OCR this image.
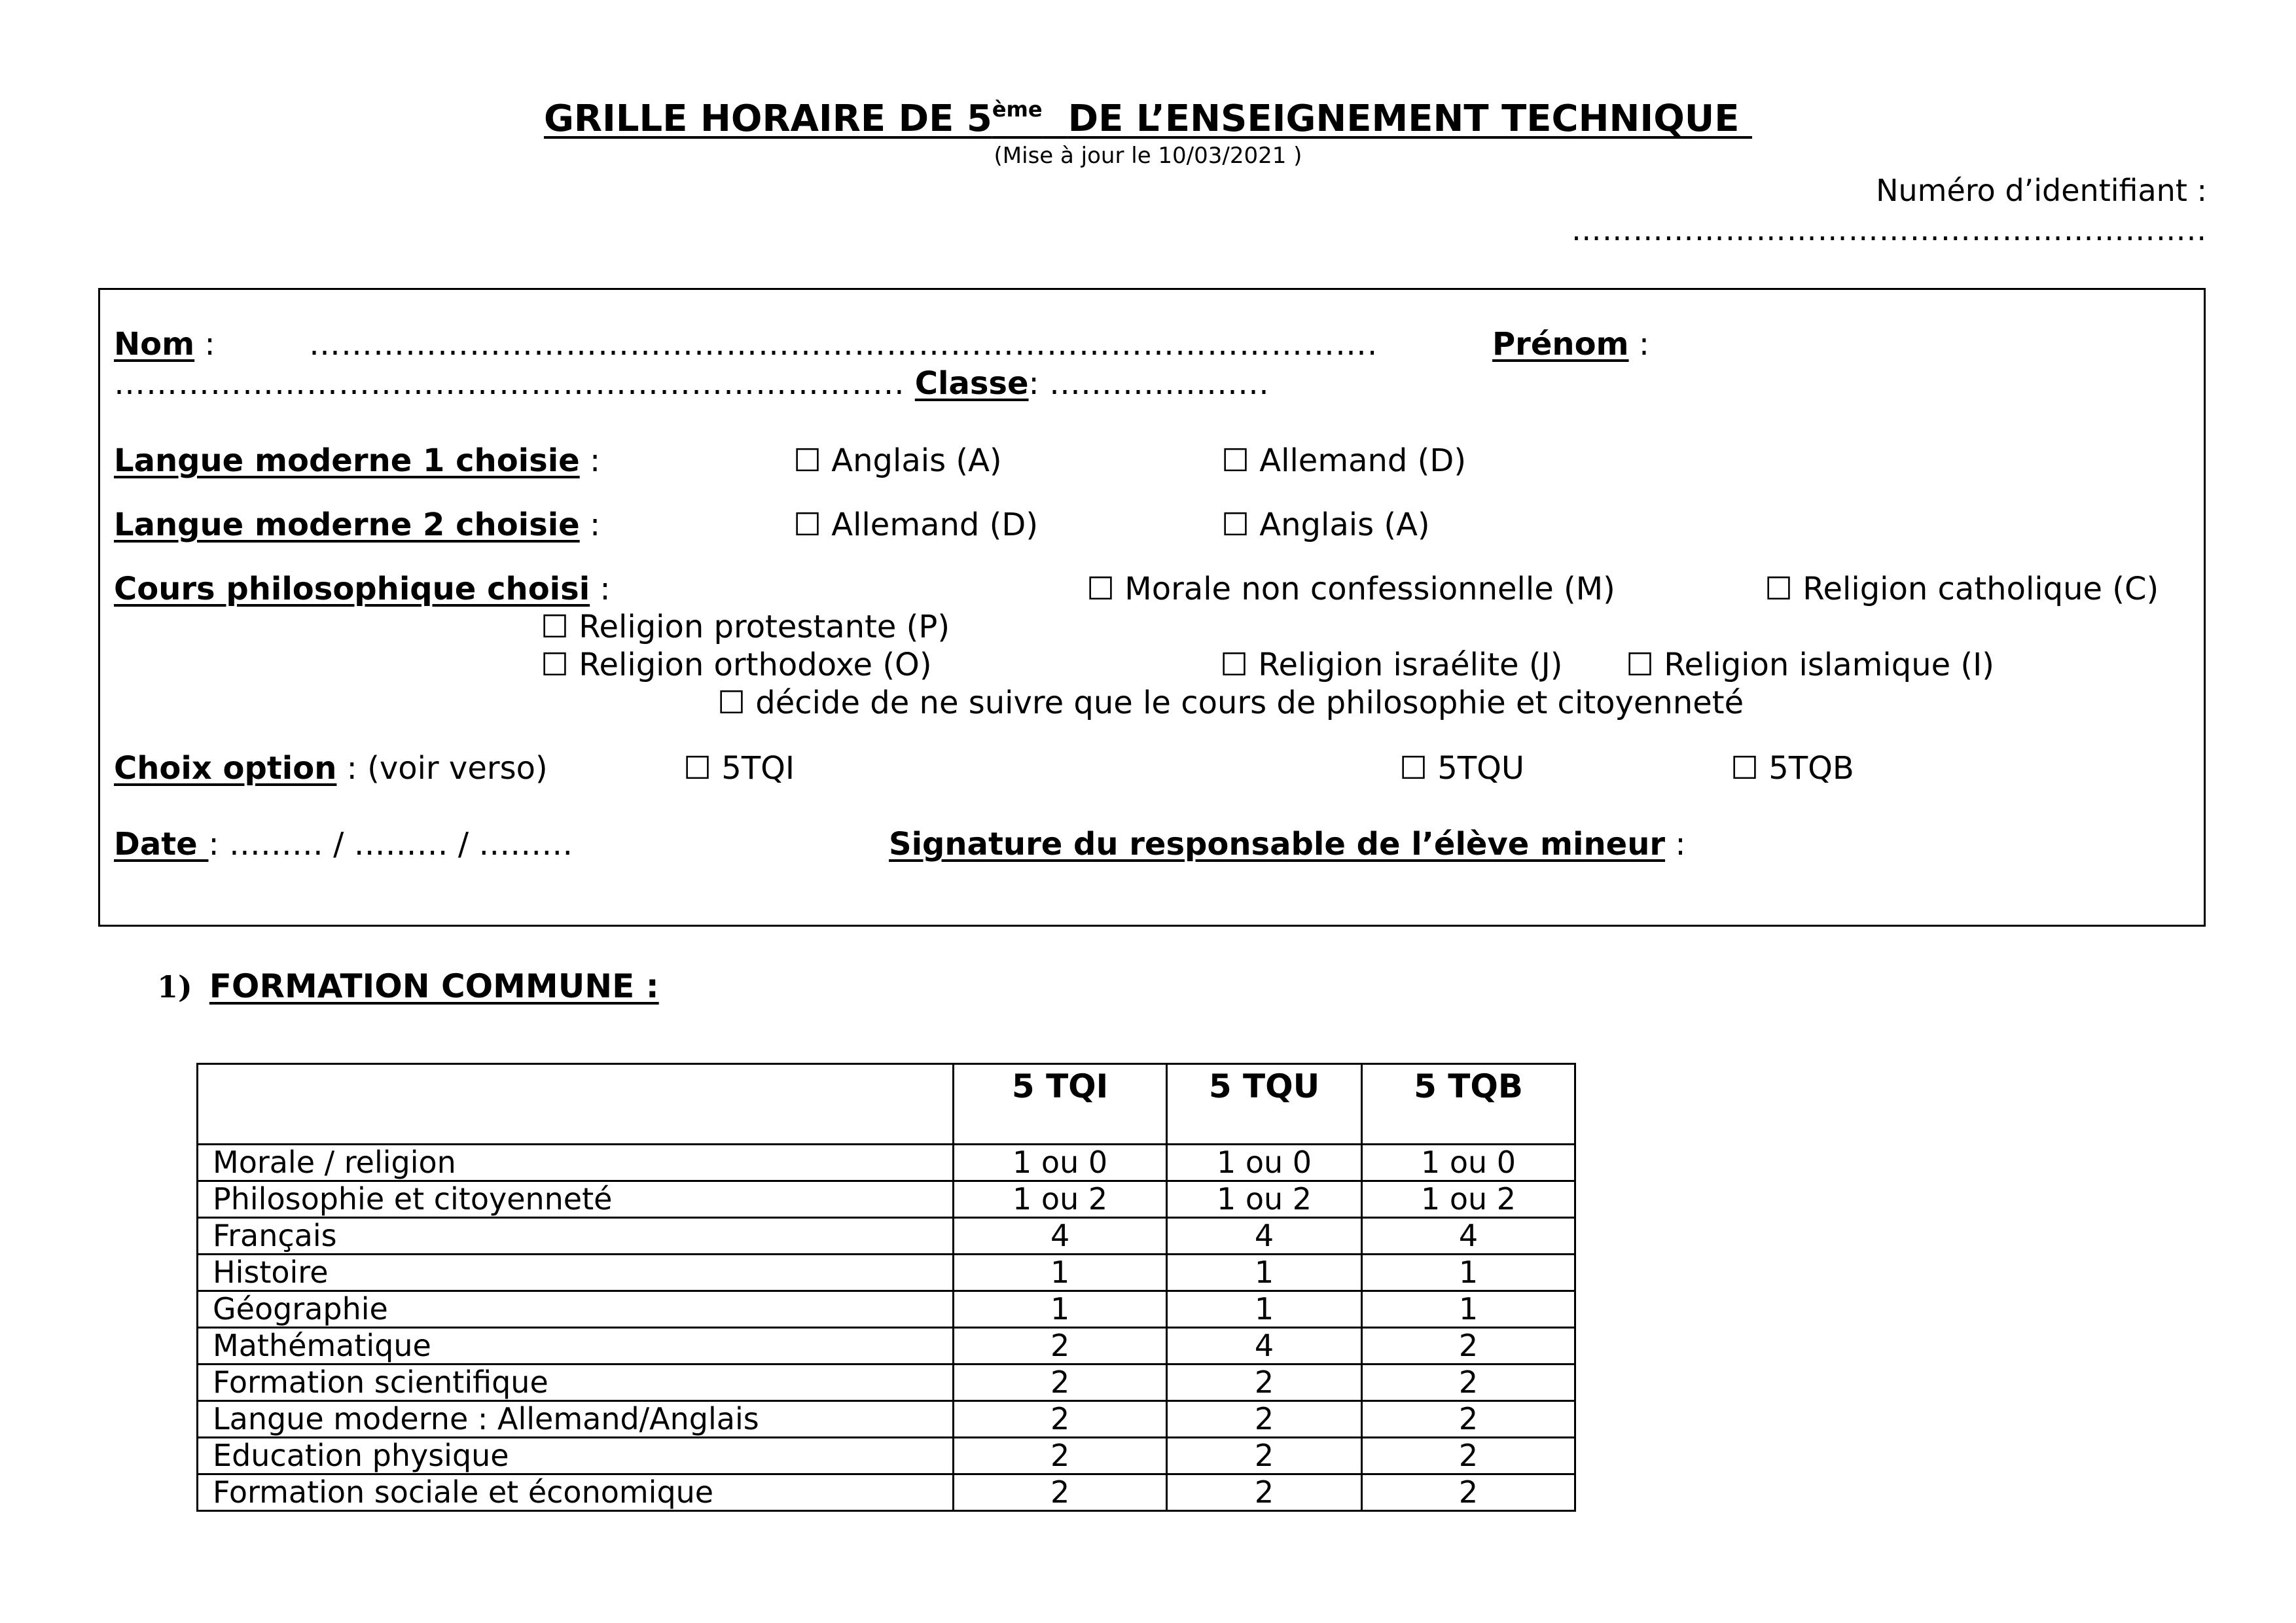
GRILLE HORAIRE DE 5ème DE L’ENSEIGNEMENT TECHNIQUE
(Mise à jour le 10/03/2021 )
Numéro d’identifiant :
……………………………………………………..
Nom :	……………………………………………………………………………………….	Prénom :
……………………………………………………………….. Classe: …………………
Langue moderne 1 choisie :	☐ Anglais (A)	☐ Allemand (D)
Langue moderne 2 choisie :	☐ Allemand (D)	☐ Anglais (A)
Cours philosophique choisi :	☐ Morale non confessionnelle (M)	☐ Religion catholique (C)
☐ Religion protestante (P)
☐ Religion orthodoxe (O)	☐ Religion israélite (J) ☐ Religion islamique (I)
☐ décide de ne suivre que le cours de philosophie et citoyenneté
Choix option : (voir verso)	☐ 5TQI	☐ 5TQU	☐ 5TQB
Date : ……… / ……… / ………	Signature du responsable de l’élève mineur :
1) FORMATION COMMUNE :
	5 TQI	5 TQU	5 TQB
Morale / religion	1 ou 0	1 ou 0	1 ou 0
Philosophie et citoyenneté	1 ou 2	1 ou 2	1 ou 2
Français	4	4	4
Histoire	1	1	1
Géographie	1	1	1
Mathématique	2	4	2
Formation scientifique	2	2	2
Langue moderne : Allemand/Anglais	2	2	2
Education physique	2	2	2
Formation sociale et économique	2	2	2
